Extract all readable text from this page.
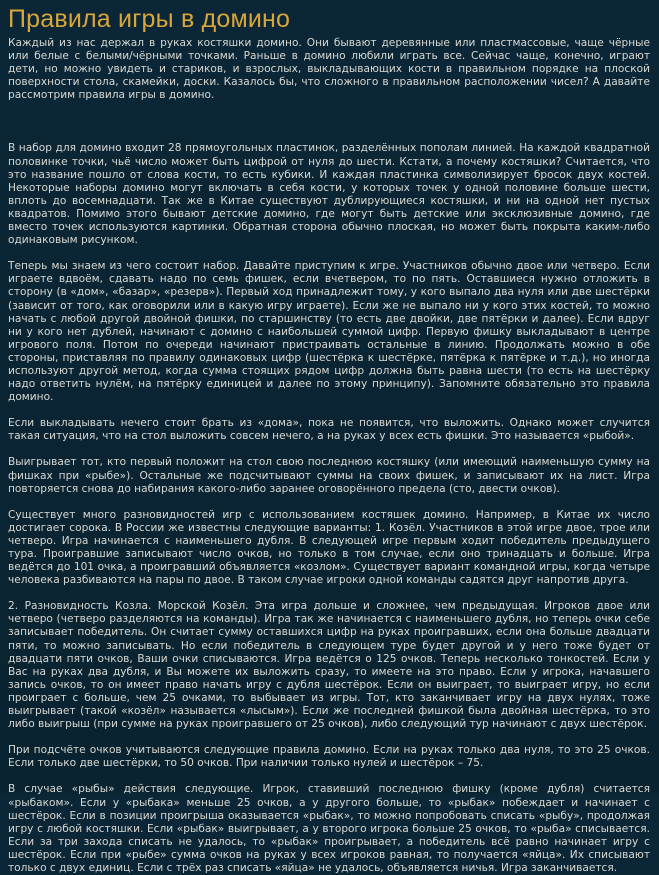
Правила игры в домино

Каждый из нас держал в руках костяшки домино. Они бывают деревянные или пластмассовые, чаще чёрные или белые с белыми/чёрными точками. Раньше в домино любили играть все. Сейчас чаще, конечно, играют дети, но можно увидеть и стариков, и взрослых, выкладывающих кости в правильном порядке на плоской поверхности стола, скамейки, доски. Казалось бы, что сложного в правильном расположении чисел? А давайте рассмотрим правила игры в домино.

В набор для домино входит 28 прямоугольных пластинок, разделённых пополам линией. На каждой квадратной половинке точки, чьё число может быть цифрой от нуля до шести. Кстати, а почему костяшки? Считается, что это название пошло от слова кости, то есть кубики. И каждая пластинка символизирует бросок двух костей. Некоторые наборы домино могут включать в себя кости, у которых точек у одной половине больше шести, вплоть до восемнадцати. Так же в Китае существуют дублирующиеся костяшки, и ни на одной нет пустых квадратов. Помимо этого бывают детские домино, где могут быть детские или эксклюзивные домино, где вместо точек используются картинки. Обратная сторона обычно плоская, но может быть покрыта каким-либо одинаковым рисунком.

Теперь мы знаем из чего состоит набор. Давайте приступим к игре. Участников обычно двое или четверо. Если играете вдвоём, сдавать надо по семь фишек, если вчетвером, то по пять. Оставшиеся нужно отложить в сторону (в «дом», «базар», «резерв»). Первый ход принадлежит тому, у кого выпало два нуля или две шестёрки (зависит от того, как оговорили или в какую игру играете). Если же не выпало ни у кого этих костей, то можно начать с любой другой двойной фишки, по старшинству (то есть две двойки, две пятёрки и далее). Если вдруг ни у кого нет дублей, начинают с домино с наибольшей суммой цифр. Первую фишку выкладывают в центре игрового поля. Потом по очереди начинают пристраивать остальные в линию. Продолжать можно в обе стороны, приставляя по правилу одинаковых цифр (шестёрка к шестёрке, пятёрка к пятёрке и т.д.), но иногда используют другой метод, когда сумма стоящих рядом цифр должна быть равна шести (то есть на шестёрку надо ответить нулём, на пятёрку единицей и далее по этому принципу). Запомните обязательно это правила домино.

Если выкладывать нечего стоит брать из «дома», пока не появится, что выложить. Однако может случится такая ситуация, что на стол выложить совсем нечего, а на руках у всех есть фишки. Это называется «рыбой».

Выигрывает тот, кто первый положит на стол свою последнюю костяшку (или имеющий наименьшую сумму на фишках при «рыбе»). Остальные же подсчитывают суммы на своих фишек, и записывают их на лист. Игра повторяется снова до набирания какого-либо заранее оговорённого предела (сто, двести очков).

Существует много разновидностей игр с использованием костяшек домино. Например, в Китае их число достигает сорока. В России же известны следующие варианты: 1. Козёл. Участников в этой игре двое, трое или четверо. Игра начинается с наименьшего дубля. В следующей игре первым ходит победитель предыдущего тура. Проигравшие записывают число очков, но только в том случае, если оно тринадцать и больше. Игра ведётся до 101 очка, а проигравший объявляется «козлом». Существует вариант командной игры, когда четыре человека разбиваются на пары по двое. В таком случае игроки одной команды садятся друг напротив друга.

2. Разновидность Козла. Морской Козёл. Эта игра дольше и сложнее, чем предыдущая. Игроков двое или четверо (четверо разделяются на команды). Игра так же начинается с наименьшего дубля, но теперь очки себе записывает победитель. Он считает сумму оставшихся цифр на руках проигравших, если она больше двадцати пяти, то можно записывать. Но если победитель в следующем туре будет другой и у него тоже будет от двадцати пяти очков, Ваши очки списываются. Игра ведётся о 125 очков. Теперь несколько тонкостей. Если у Вас на руках два дубля, и Вы можете их выложить сразу, то имеете на это право. Если у игрока, начавшего запись очков, то он имеет право начать игру с дубля шестёрок. Если он выиграет, то выиграет игру, но если проиграет с больше, чем 25 очками, то выбывает из игры. Тот, кто заканчивает игру на двух нулях, тоже выигрывает (такой «козёл» называется «лысым»). Если же последней фишкой была двойная шестёрка, то это либо выигрыш (при сумме на руках проигравшего от 25 очков), либо следующий тур начинают с двух шестёрок.

При подсчёте очков учитываются следующие правила домино. Если на руках только два нуля, то это 25 очков. Если только две шестёрки, то 50 очков. При наличии только нулей и шестёрок – 75.

В случае «рыбы» действия следующие. Игрок, ставивший последнюю фишку (кроме дубля) считается «рыбаком». Если у «рыбака» меньше 25 очков, а у другого больше, то «рыбак» побеждает и начинает с шестёрок. Если в позиции проигрыша оказывается «рыбак», то можно попробовать списать «рыбу», продолжая игру с любой костяшки. Если «рыбак» выигрывает, а у второго игрока больше 25 очков, то «рыба» списывается. Если за три захода списать не удалось, то «рыбак» проигрывает, а победитель всё равно начинает игру с шестёрок. Если при «рыбе» сумма очков на руках у всех игроков равная, то получается «яйца». Их списывают только с двух единиц. Если с трёх раз списать «яйца» не удалось, объявляется ничья. Игра заканчивается.
